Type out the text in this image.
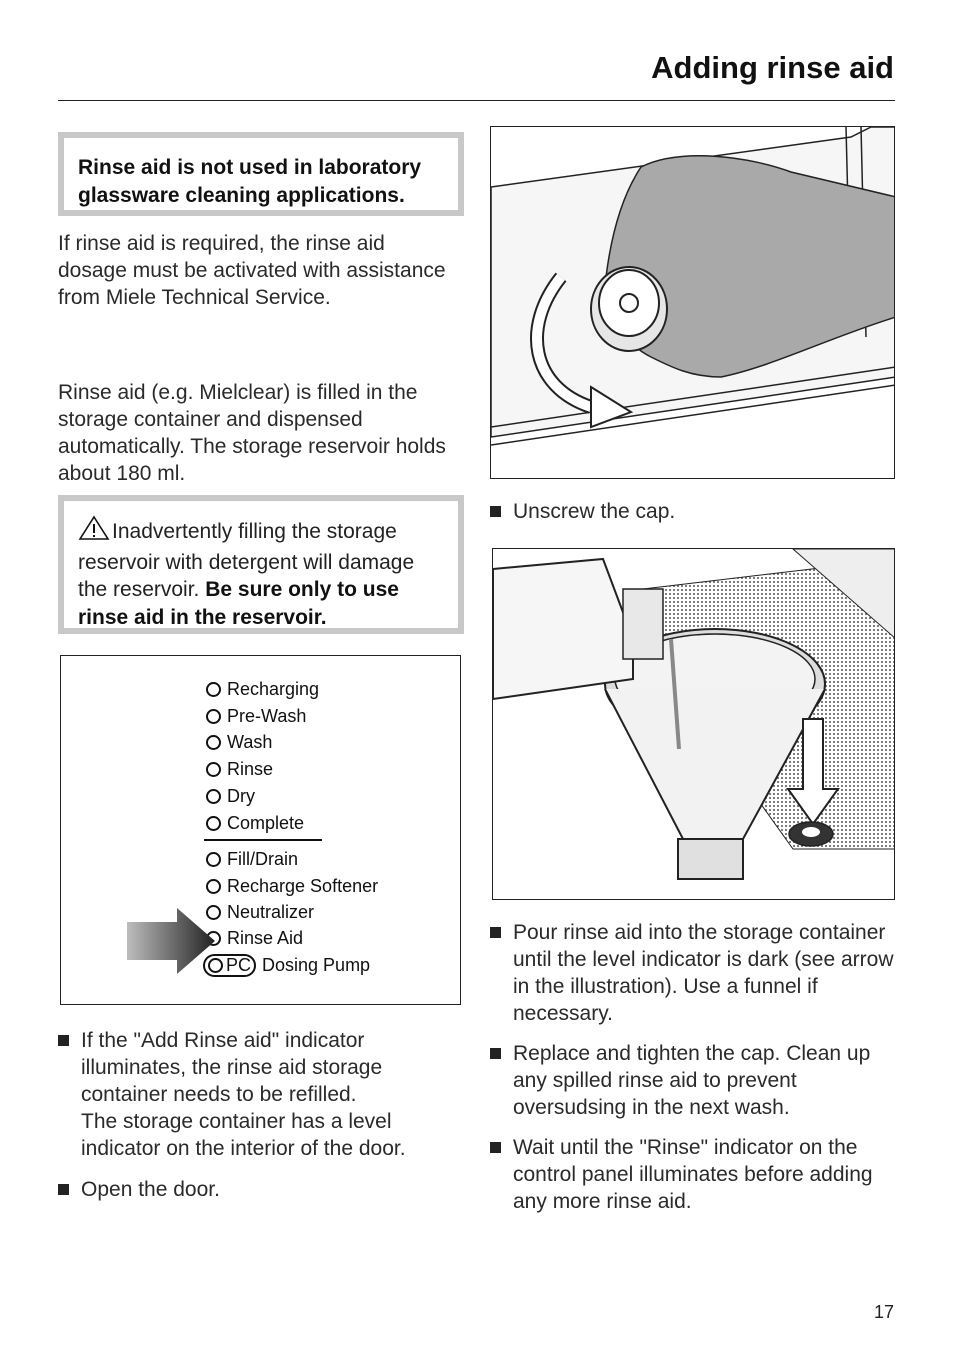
Adding rinse aid
Rinse aid is not used in laboratory glassware cleaning applications.
If rinse aid is required, the rinse aid dosage must be activated with assistance from Miele Technical Service.
Rinse aid (e.g. Mielclear) is filled in the storage container and dispensed automatically. The storage reservoir holds about 180 ml.
Inadvertently filling the storage reservoir with detergent will damage the reservoir. Be sure only to use rinse aid in the reservoir.
Recharging
Pre-Wash
Wash
Rinse
Dry
Complete
Fill/Drain
Recharge Softener
Neutralizer
Rinse Aid
PC Dosing Pump
If the "Add Rinse aid" indicator illuminates, the rinse aid storage container needs to be refilled.
The storage container has a level indicator on the interior of the door.
Open the door.
Unscrew the cap.
Pour rinse aid into the storage container until the level indicator is dark (see arrow in the illustration). Use a funnel if necessary.
Replace and tighten the cap. Clean up any spilled rinse aid to prevent oversudsing in the next wash.
Wait until the "Rinse" indicator on the control panel illuminates before adding any more rinse aid.
17
